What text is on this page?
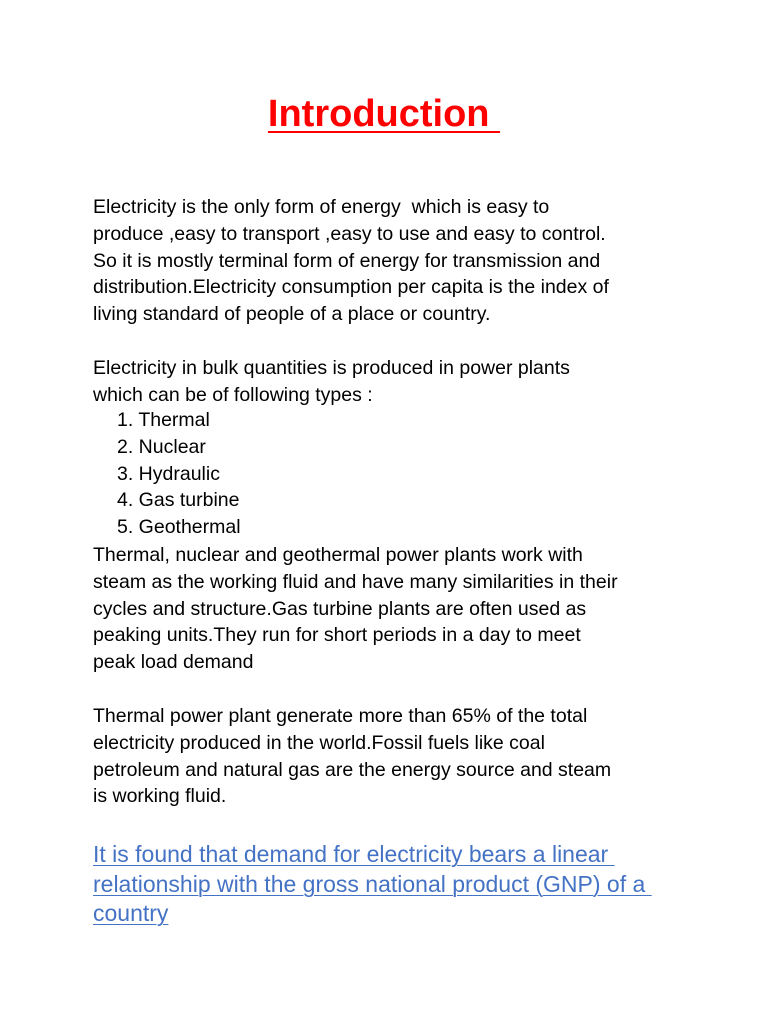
Introduction

Electricity is the only form of energy  which is easy to
produce ,easy to transport ,easy to use and easy to control.
So it is mostly terminal form of energy for transmission and
distribution.Electricity consumption per capita is the index of
living standard of people of a place or country.

Electricity in bulk quantities is produced in power plants
which can be of following types :

1. Thermal
2. Nuclear
3. Hydraulic
4. Gas turbine
5. Geothermal

Thermal, nuclear and geothermal power plants work with
steam as the working fluid and have many similarities in their
cycles and structure.Gas turbine plants are often used as
peaking units.They run for short periods in a day to meet
peak load demand

Thermal power plant generate more than 65% of the total
electricity produced in the world.Fossil fuels like coal
petroleum and natural gas are the energy source and steam
is working fluid.

It is found that demand for electricity bears a linear
relationship with the gross national product (GNP) of a
country
